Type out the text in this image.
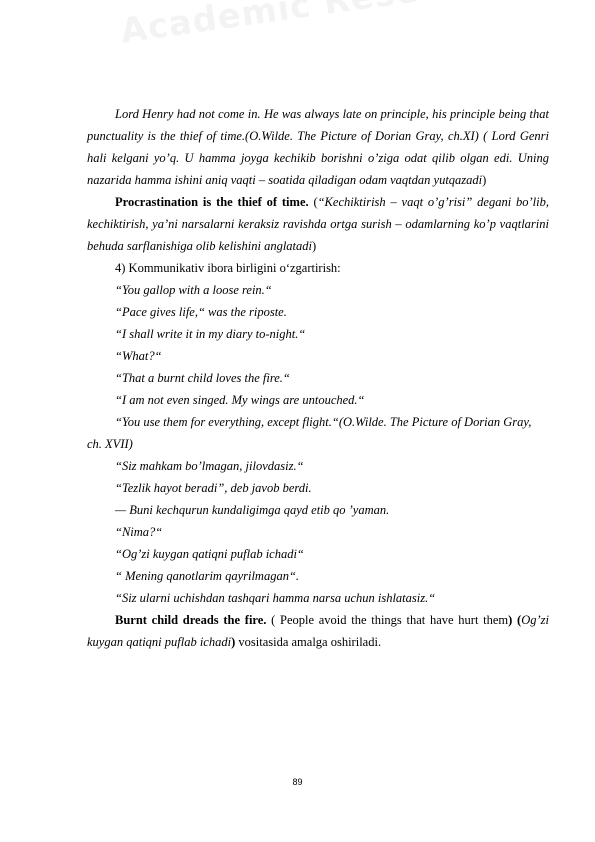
Lord Henry had not come in. He was always late on principle, his principle being that punctuality is the thief of time.(O.Wilde. The Picture of Dorian Gray, ch.XI) ( Lord Genri hali kelgani yo’q. U hamma joyga kechikib borishni o’ziga odat qilib olgan edi. Uning nazarida hamma ishini aniq vaqti – soatida qiladigan odam vaqtdan yutqazadi)

Procrastination is the thief of time. (“Kechiktirish – vaqt o’g’risi” degani bo’lib, kechiktirish, ya’ni narsalarni keraksiz ravishda ortga surish – odamlarning ko’p vaqtlarini behuda sarflanishiga olib kelishini anglatadi)

4) Kommunikativ ibora birligini o‘zgartirish:

“You gallop with a loose rein.“

“Pace gives life,“ was the riposte.

“I shall write it in my diary to-night.“

“What?“

“That a burnt child loves the fire.“

“I am not even singed. My wings are untouched.“

“You use them for everything, except flight.“(O.Wilde. The Picture of Dorian Gray, ch. XVII)

“Siz mahkam bo’lmagan, jilovdasiz.“

“Tezlik hayot beradi”, deb javob berdi.

— Buni kechqurun kundaligimga qayd etib qo ’yaman.

“Nima?“

“Og’zi kuygan qatiqni puflab ichadi“

“ Mening qanotlarim qayrilmagan“.

“Siz ularni uchishdan tashqari hamma narsa uchun ishlatasiz.“

Burnt child dreads the fire. ( People avoid the things that have hurt them) (Og’zi kuygan qatiqni puflab ichadi) vositasida amalga oshiriladi.

89
